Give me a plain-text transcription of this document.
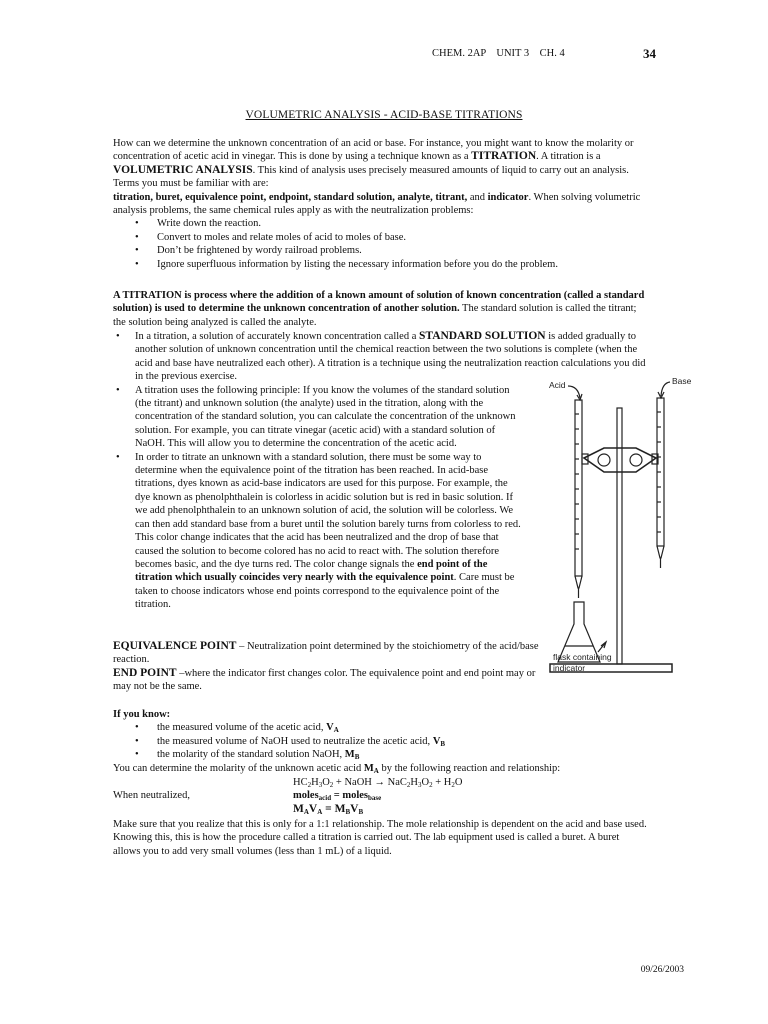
CHEM. 2AP    UNIT 3    CH. 4	34
VOLUMETRIC ANALYSIS - ACID-BASE TITRATIONS

How can we determine the unknown concentration of an acid or base. For instance, you might want to know the molarity or concentration of acetic acid in vinegar. This is done by using a technique known as a TITRATION. A titration is a VOLUMETRIC ANALYSIS. This kind of analysis uses precisely measured amounts of liquid to carry out an analysis. Terms you must be familiar with are:
titration, buret, equivalence point, endpoint, standard solution, analyte, titrant, and indicator. When solving volumetric analysis problems, the same chemical rules apply as with the neutralization problems:

• Write down the reaction.
• Convert to moles and relate moles of acid to moles of base.
• Don’t be frightened by wordy railroad problems.
• Ignore superfluous information by listing the necessary information before you do the problem.

A TITRATION is process where the addition of a known amount of solution of known concentration (called a standard solution) is used to determine the unknown concentration of another solution. The standard solution is called the titrant; the solution being analyzed is called the analyte.

• In a titration, a solution of accurately known concentration called a STANDARD SOLUTION is added gradually to another solution of unknown concentration until the chemical reaction between the two solutions is complete (when the acid and base have neutralized each other). A titration is a technique using the neutralization reaction calculations you did in the previous exercise.
• A titration uses the following principle: If you know the volumes of the standard solution (the titrant) and unknown solution (the analyte) used in the titration, along with the concentration of the standard solution, you can calculate the concentration of the unknown solution. For example, you can titrate vinegar (acetic acid) with a standard solution of NaOH. This will allow you to determine the concentration of the acetic acid.
• In order to titrate an unknown with a standard solution, there must be some way to determine when the equivalence point of the titration has been reached. In acid-base titrations, dyes known as acid-base indicators are used for this purpose. For example, the dye known as phenolphthalein is colorless in acidic solution but is red in basic solution. If we add phenolphthalein to an unknown solution of acid, the solution will be colorless. We can then add standard base from a buret until the solution barely turns from colorless to red. This color change indicates that the acid has been neutralized and the drop of base that caused the solution to become colored has no acid to react with. The solution therefore becomes basic, and the dye turns red. The color change signals the end point of the titration which usually coincides very nearly with the equivalence point. Care must be taken to choose indicators whose end points correspond to the equivalence point of the titration.
Acid	Base
flask containing indicator

EQUIVALENCE POINT – Neutralization point determined by the stoichiometry of the acid/base reaction.

END POINT –where the indicator first changes color. The equivalence point and end point may or may not be the same.

If you know:

• the measured volume of the acetic acid, $V_A$
• the measured volume of NaOH used to neutralize the acetic acid, $V_B$
• the molarity of the standard solution NaOH, $M_B$

You can determine the molarity of the unknown acetic acid $M_A$ by the following reaction and relationship:

$HC_2H_3O_2$ + NaOH → $NaC_2H_3O_2 + H_2O$
When neutralized,	moles$_{acid}$ = moles$_{base}$
$M_AV_A = M_BV_B$

Make sure that you realize that this is only for a 1:1 relationship. The mole relationship is dependent on the acid and base used. Knowing this, this is how the procedure called a titration is carried out. The lab equipment used is called a buret. A buret allows you to add very small volumes (less than 1 mL) of a liquid.

09/26/2003
